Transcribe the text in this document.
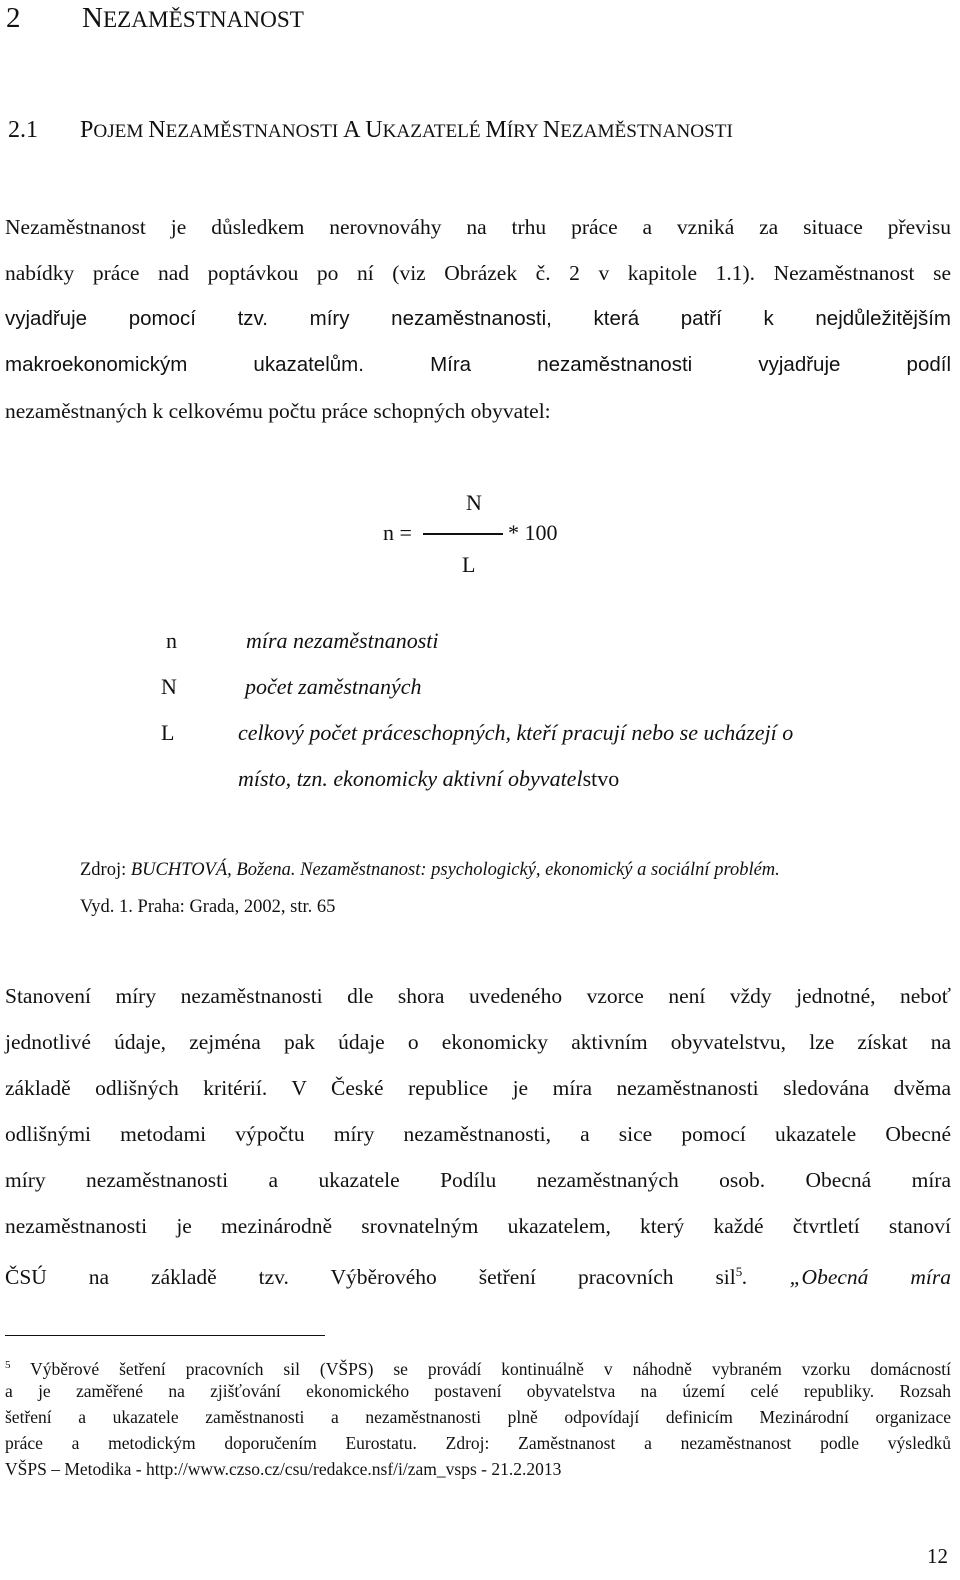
2 NEZAMĚSTNANOST
2.1 POJEM NEZAMĚSTNANOSTI A UKAZATELÉ MÍRY NEZAMĚSTNANOSTI
Nezaměstnanost je důsledkem nerovnováhy na trhu práce a vzniká za situace převisu
nabídky práce nad poptávkou po ní (viz Obrázek č. 2 v kapitole 1.1). Nezaměstnanost se
vyjadřuje pomocí tzv. míry nezaměstnanosti, která patří k nejdůležitějším
makroekonomickým ukazatelům. Míra nezaměstnanosti vyjadřuje podíl
nezaměstnaných k celkovému počtu práce schopných obyvatel:
N
n =	* 100
L
n	míra nezaměstnanosti
N	počet zaměstnaných
L	celkový počet práceschopných, kteří pracují nebo se ucházejí o
místo, tzn. ekonomicky aktivní obyvatelstvo
Zdroj: BUCHTOVÁ, Božena. Nezaměstnanost: psychologický, ekonomický a sociální problém.
Vyd. 1. Praha: Grada, 2002, str. 65
Stanovení míry nezaměstnanosti dle shora uvedeného vzorce není vždy jednotné, neboť
jednotlivé údaje, zejména pak údaje o ekonomicky aktivním obyvatelstvu, lze získat na
základě odlišných kritérií. V České republice je míra nezaměstnanosti sledována dvěma
odlišnými metodami výpočtu míry nezaměstnanosti, a sice pomocí ukazatele Obecné
míry nezaměstnanosti a ukazatele Podílu nezaměstnaných osob. Obecná míra
nezaměstnanosti je mezinárodně srovnatelným ukazatelem, který každé čtvrtletí stanoví
ČSÚ na základě tzv. Výběrového šetření pracovních sil$^5$. „Obecná míra
$^5$ Výběrové šetření pracovních sil (VŠPS) se provádí kontinuálně v náhodně vybraném vzorku domácností
a je zaměřené na zjišťování ekonomického postavení obyvatelstva na území celé republiky. Rozsah
šetření a ukazatele zaměstnanosti a nezaměstnanosti plně odpovídají definicím Mezinárodní organizace
práce a metodickým doporučením Eurostatu. Zdroj: Zaměstnanost a nezaměstnanost podle výsledků
VŠPS – Metodika - http://www.czso.cz/csu/redakce.nsf/i/zam_vsps - 21.2.2013
12
